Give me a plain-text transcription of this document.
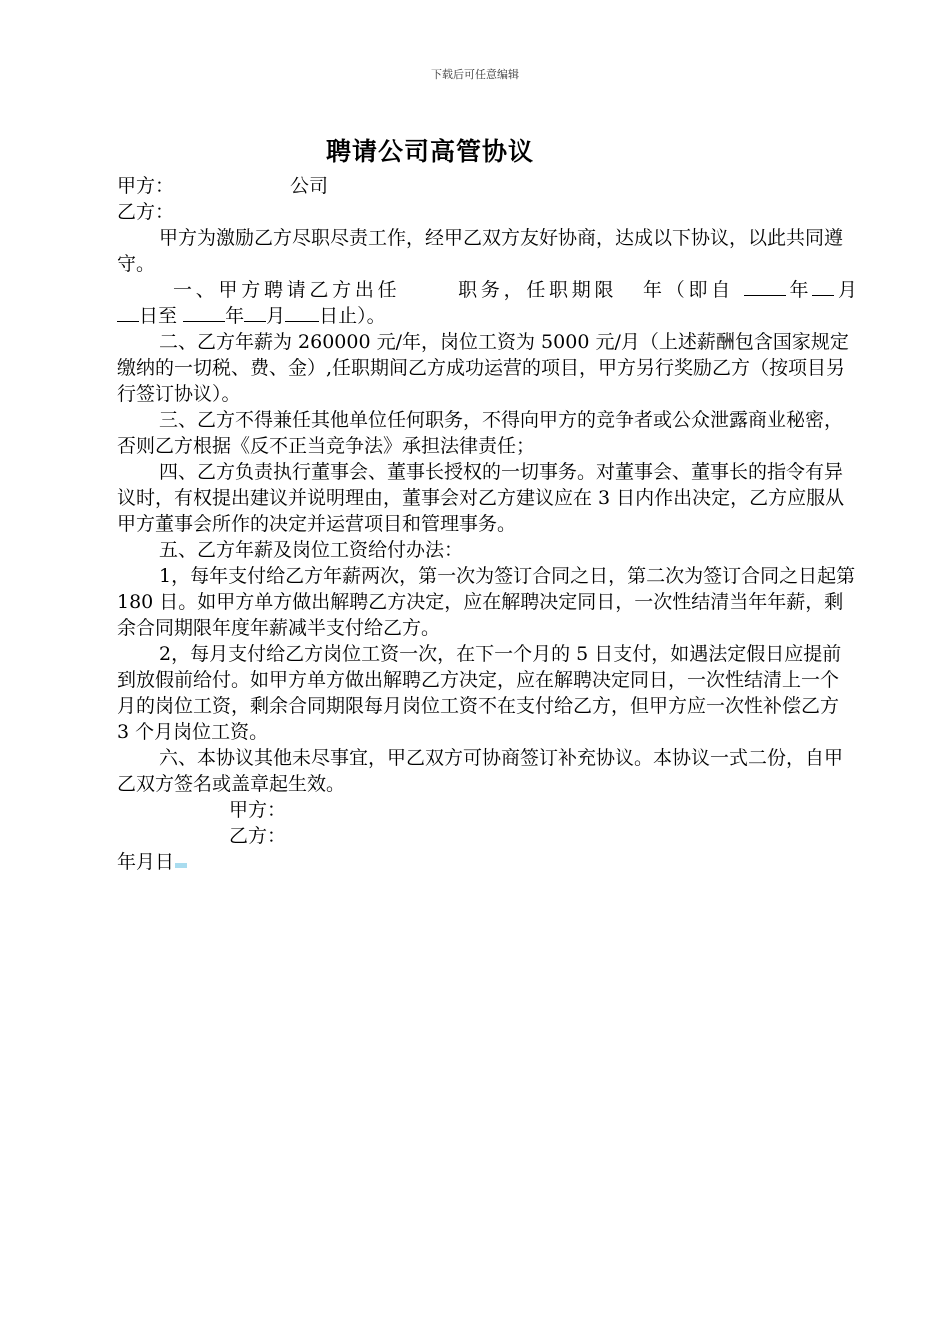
下载后可任意编辑
聘请公司高管协议
甲方：	公司
乙方：
甲方为激励乙方尽职尽责工作，经甲乙双方友好协商，达成以下协议，以此共同遵守。
一、甲方聘请乙方出任	职务，任职期限 年（即自	年 月
日至	年 月 日止）。
二、乙方年薪为 260000 元/年，岗位工资为 5000 元/月（上述薪酬包含国家规定缴纳的一切税、费、金）,任职期间乙方成功运营的项目，甲方另行奖励乙方（按项目另行签订协议）。
三、乙方不得兼任其他单位任何职务，不得向甲方的竞争者或公众泄露商业秘密，否则乙方根据《反不正当竞争法》承担法律责任；
四、乙方负责执行董事会、董事长授权的一切事务。对董事会、董事长的指令有异议时，有权提出建议并说明理由，董事会对乙方建议应在 3 日内作出决定，乙方应服从甲方董事会所作的决定并运营项目和管理事务。
五、乙方年薪及岗位工资给付办法：
1，每年支付给乙方年薪两次，第一次为签订合同之日，第二次为签订合同之日起第 180 日。如甲方单方做出解聘乙方决定，应在解聘决定同日，一次性结清当年年薪，剩余合同期限年度年薪减半支付给乙方。
2，每月支付给乙方岗位工资一次，在下一个月的 5 日支付，如遇法定假日应提前到放假前给付。如甲方单方做出解聘乙方决定，应在解聘决定同日，一次性结清上一个月的岗位工资，剩余合同期限每月岗位工资不在支付给乙方，但甲方应一次性补偿乙方 3 个月岗位工资。
六、本协议其他未尽事宜，甲乙双方可协商签订补充协议。本协议一式二份，自甲乙双方签名或盖章起生效。
甲方：
乙方：
年月日
